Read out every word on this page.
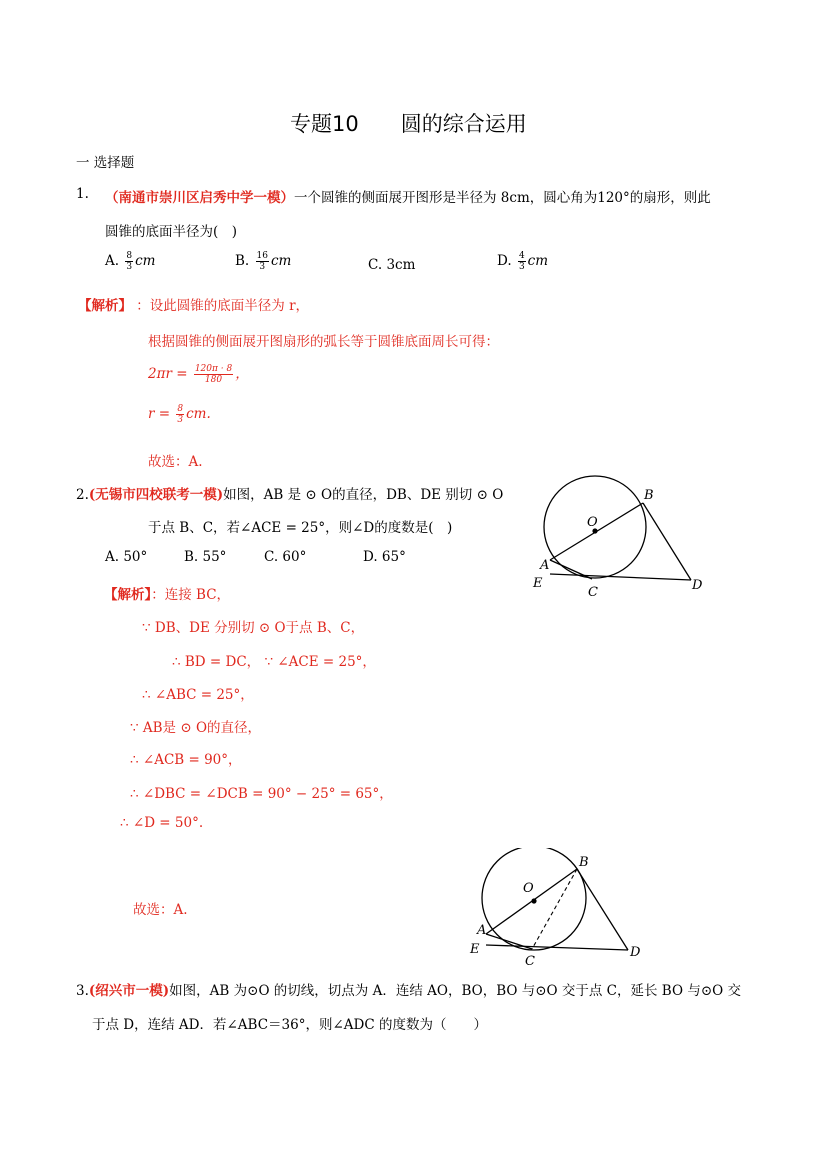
专题10　　圆的综合运用
一 选择题
1. （南通市崇川区启秀中学一模）一个圆锥的侧面展开图形是半径为 8cm，圆心角为120°的扇形，则此
圆锥的底面半径为(　)
A. $\frac{8}{3}$ cm	B. $\frac{16}{3}$ cm	C. 3cm	D. $\frac{4}{3}$ cm
【解析】 ：设此圆锥的底面半径为 r，
根据圆锥的侧面展开图扇形的弧长等于圆锥底面周长可得：
$2\pi r = \frac{120\pi \cdot 8}{180}$ ，
$r = \frac{8}{3}$ cm.
故选：A.
2.(无锡市四校联考一模)如图，AB 是 ⊙ O的直径，DB、DE 别切 ⊙ O
于点 B、C，若∠ACE = 25°，则∠D的度数是(　)
A. 50°	B. 55°	C. 60°	D. 65°
【解析】：连接 BC，
∵ DB、DE 分别切 ⊙ O于点 B、C，
∴ BD = DC， ∵ ∠ACE = 25°，
∴ ∠ABC = 25°，
∵ AB是 ⊙ O的直径，
∴ ∠ACB = 90°，
∴ ∠DBC = ∠DCB = 90° − 25° = 65°，
∴ ∠D = 50°.
故选：A.
B
O
A
E
C	D
B
O
A
E
C
D
3.(绍兴市一模)如图，AB 为⊙O 的切线，切点为 A．连结 AO，BO，BO 与⊙O 交于点 C，延长 BO 与⊙O 交
于点 D，连结 AD．若∠ABC＝36°，则∠ADC 的度数为（　　）
